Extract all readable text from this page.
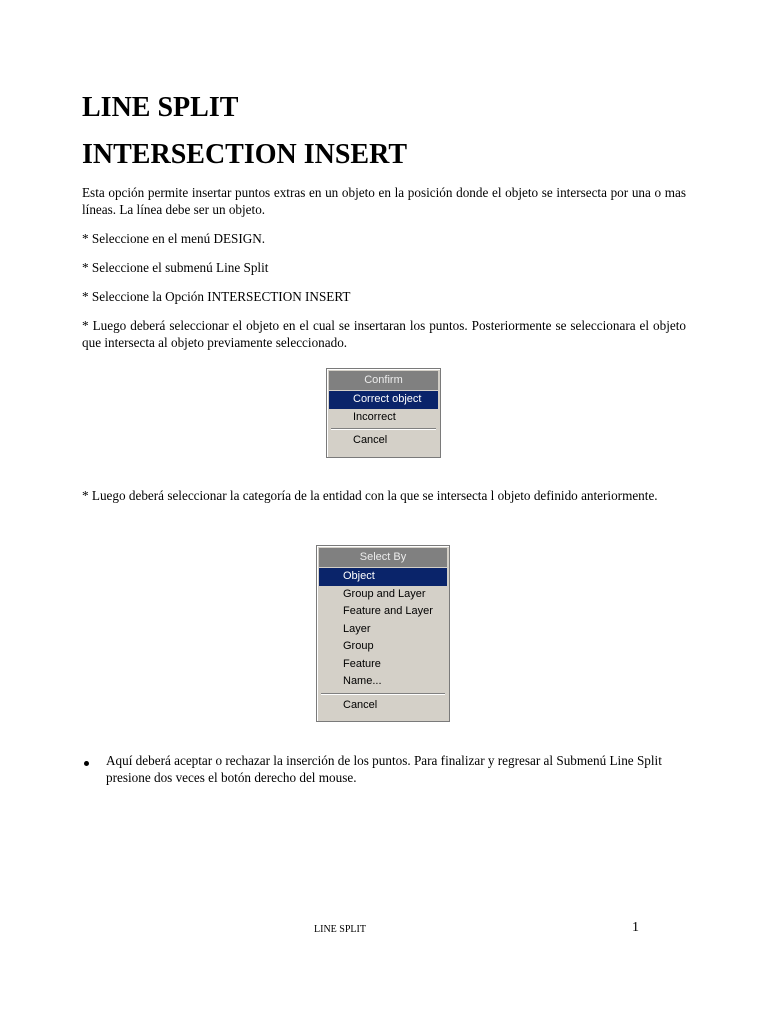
LINE SPLIT
INTERSECTION INSERT

Esta opción permite insertar puntos extras en un objeto en la posición donde el objeto se intersecta por una o mas líneas. La línea debe ser un objeto.

* Seleccione en el menú DESIGN.

* Seleccione el submenú Line Split

* Seleccione la Opción INTERSECTION INSERT

* Luego deberá seleccionar el objeto en el cual se insertaran los puntos. Posteriormente se seleccionara el objeto que intersecta al objeto previamente seleccionado.

Confirm
Correct object
Incorrect
Cancel

* Luego deberá seleccionar la categoría de la entidad con la que se intersecta l objeto definido anteriormente.

Select By
Object
Group and Layer
Feature and Layer
Layer
Group
Feature
Name...
Cancel

Aquí deberá aceptar o rechazar la inserción de los puntos. Para finalizar y regresar al Submenú Line Split presione dos veces el botón derecho del mouse.

LINE SPLIT	1
